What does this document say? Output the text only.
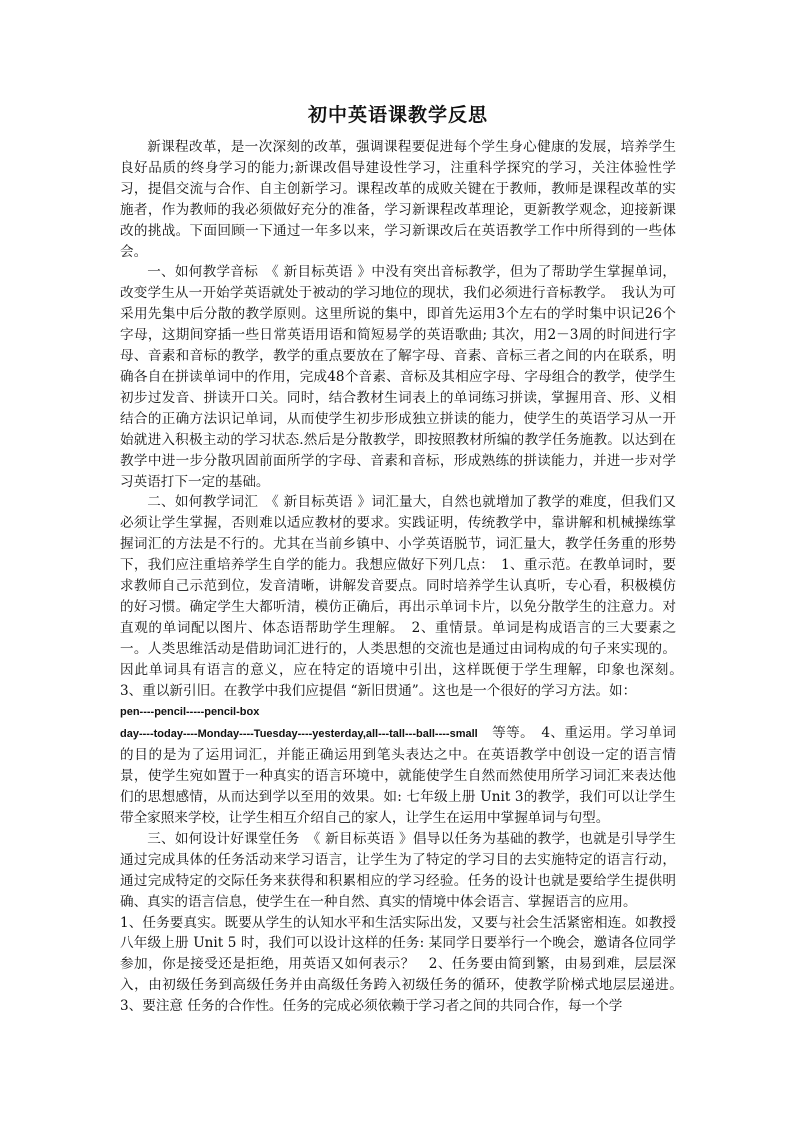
初中英语课教学反思

新课程改革，是一次深刻的改革，强调课程要促进每个学生身心健康的发展，培养学生良好品质的终身学习的能力;新课改倡导建设性学习，注重科学探究的学习，关注体验性学习，提倡交流与合作、自主创新学习。课程改革的成败关键在于教师，教师是课程改革的实施者，作为教师的我必须做好充分的准备，学习新课程改革理论，更新教学观念，迎接新课改的挑战。下面回顾一下通过一年多以来，学习新课改后在英语教学工作中所得到的一些体会。

一、如何教学音标　《 新目标英语 》中没有突出音标教学，但为了帮助学生掌握单词，改变学生从一开始学英语就处于被动的学习地位的现状，我们必须进行音标教学。　我认为可采用先集中后分散的教学原则。这里所说的集中，即首先运用3个左右的学时集中识记26个字母，这期间穿插一些日常英语用语和简短易学的英语歌曲; 其次，用2－3周的时间进行字母、音素和音标的教学，教学的重点要放在了解字母、音素、音标三者之间的内在联系，明确各自在拼读单词中的作用，完成48个音素、音标及其相应字母、字母组合的教学，使学生初步过发音、拼读开口关。同时，结合教材生词表上的单词练习拼读，掌握用音、形、义相结合的正确方法识记单词，从而使学生初步形成独立拼读的能力，使学生的英语学习从一开始就进入积极主动的学习状态.然后是分散教学，即按照教材所编的教学任务施教。以达到在教学中进一步分散巩固前面所学的字母、音素和音标，形成熟练的拼读能力，并进一步对学习英语打下一定的基础。

二、如何教学词汇　《 新目标英语 》词汇量大，自然也就增加了教学的难度，但我们又必须让学生掌握，否则难以适应教材的要求。实践证明，传统教学中，靠讲解和机械操练掌握词汇的方法是不行的。尤其在当前乡镇中、小学英语脱节，词汇量大，教学任务重的形势下，我们应注重培养学生自学的能力。我想应做好下列几点：　1、重示范。在教单词时，要求教师自己示范到位，发音清晰，讲解发音要点。同时培养学生认真听，专心看，积极模仿的好习惯。确定学生大都听清，模仿正确后，再出示单词卡片，以免分散学生的注意力。对直观的单词配以图片、体态语帮助学生理解。　2、重情景。单词是构成语言的三大要素之一。人类思维活动是借助词汇进行的，人类思想的交流也是通过由词构成的句子来实现的。因此单词具有语言的意义，应在特定的语境中引出，这样既便于学生理解，印象也深刻。　3、重以新引旧。在教学中我们应提倡 “新旧贯通”。这也是一个很好的学习方法。如：

pen----pencil-----pencil-box

day----today----Monday----Tuesday----yesterday,all---tall---ball----small　等等。　4、重运用。学习单词的目的是为了运用词汇，并能正确运用到笔头表达之中。在英语教学中创设一定的语言情景，使学生宛如置于一种真实的语言环境中，就能使学生自然而然使用所学习词汇来表达他们的思想感情，从而达到学以至用的效果。如: 七年级上册 Unit 3的教学，我们可以让学生带全家照来学校，让学生相互介绍自己的家人，让学生在运用中掌握单词与句型。

三、如何设计好课堂任务　《 新目标英语 》倡导以任务为基础的教学，也就是引导学生通过完成具体的任务活动来学习语言，让学生为了特定的学习目的去实施特定的语言行动，通过完成特定的交际任务来获得和积累相应的学习经验。任务的设计也就是要给学生提供明确、真实的语言信息，使学生在一种自然、真实的情境中体会语言、掌握语言的应用。

1、任务要真实。既要从学生的认知水平和生活实际出发，又要与社会生活紧密相连。如教授八年级上册 Unit 5 时，我们可以设计这样的任务: 某同学日要举行一个晚会，邀请各位同学参加，你是接受还是拒绝，用英语又如何表示？　2、任务要由简到繁，由易到难，层层深入，由初级任务到高级任务并由高级任务跨入初级任务的循环，使教学阶梯式地层层递进。　3、要注意 任务的合作性。任务的完成必须依赖于学习者之间的共同合作，每一个学
